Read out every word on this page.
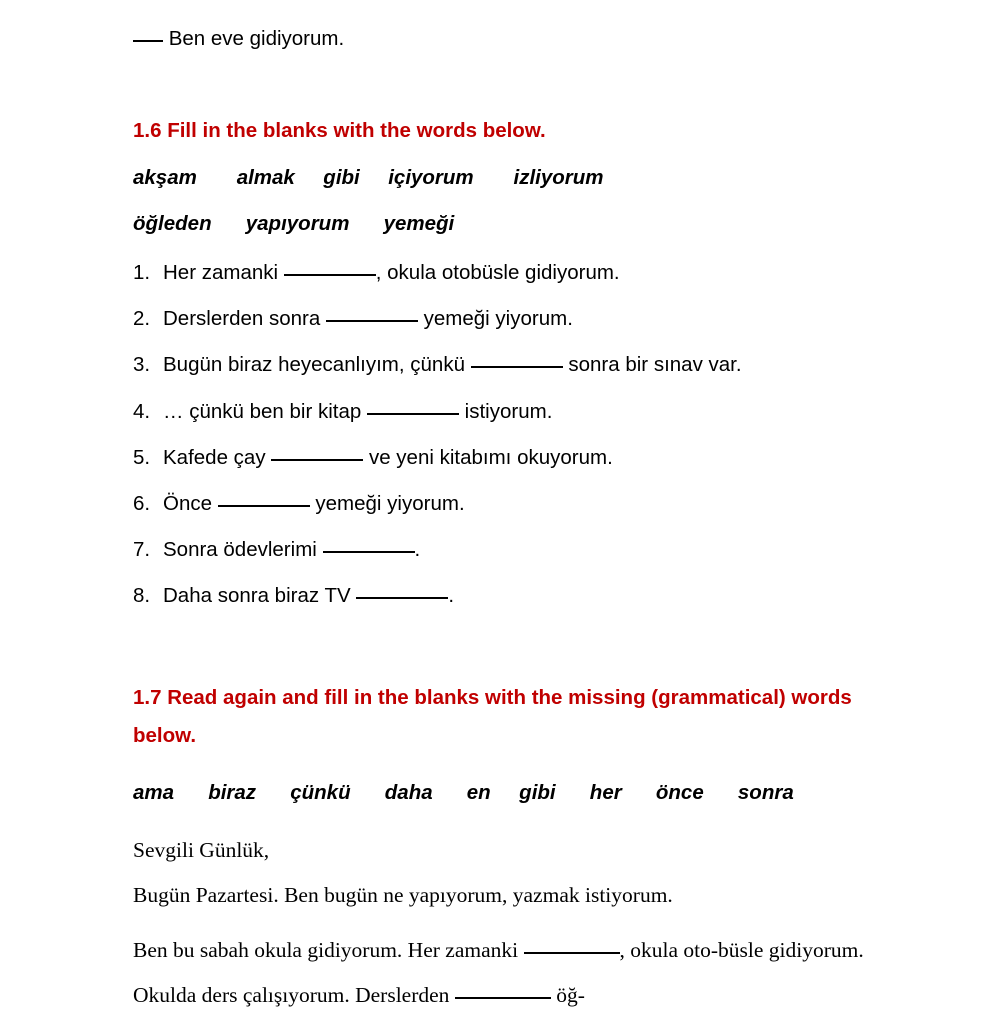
Ben eve gidiyorum.
1.6 Fill in the blanks with the words below.
akşam       almak     gibi     içiyorum       izliyorum
öğleden      yapıyorum      yemeği
1. Her zamanki	, okula otobüsle gidiyorum.
2. Derslerden sonra	yemeği yiyorum.
3. Bugün biraz heyecanlıyım, çünkü	sonra bir sınav var.
4. … çünkü ben bir kitap	istiyorum.
5. Kafede çay	ve yeni kitabımı okuyorum.
6. Önce	yemeği yiyorum.
7. Sonra ödevlerimi	.
8. Daha sonra biraz TV	.
1.7 Read again and fill in the blanks with the missing (grammatical) words below.
ama      biraz      çünkü      daha      en     gibi      her      önce      sonra
Sevgili Günlük,
Bugün Pazartesi. Ben bugün ne yapıyorum, yazmak istiyorum.
Ben bu sabah okula gidiyorum. Her zamanki	, okula oto-büsle gidiyorum. Okulda ders çalışıyorum. Derslerden	öğ-
